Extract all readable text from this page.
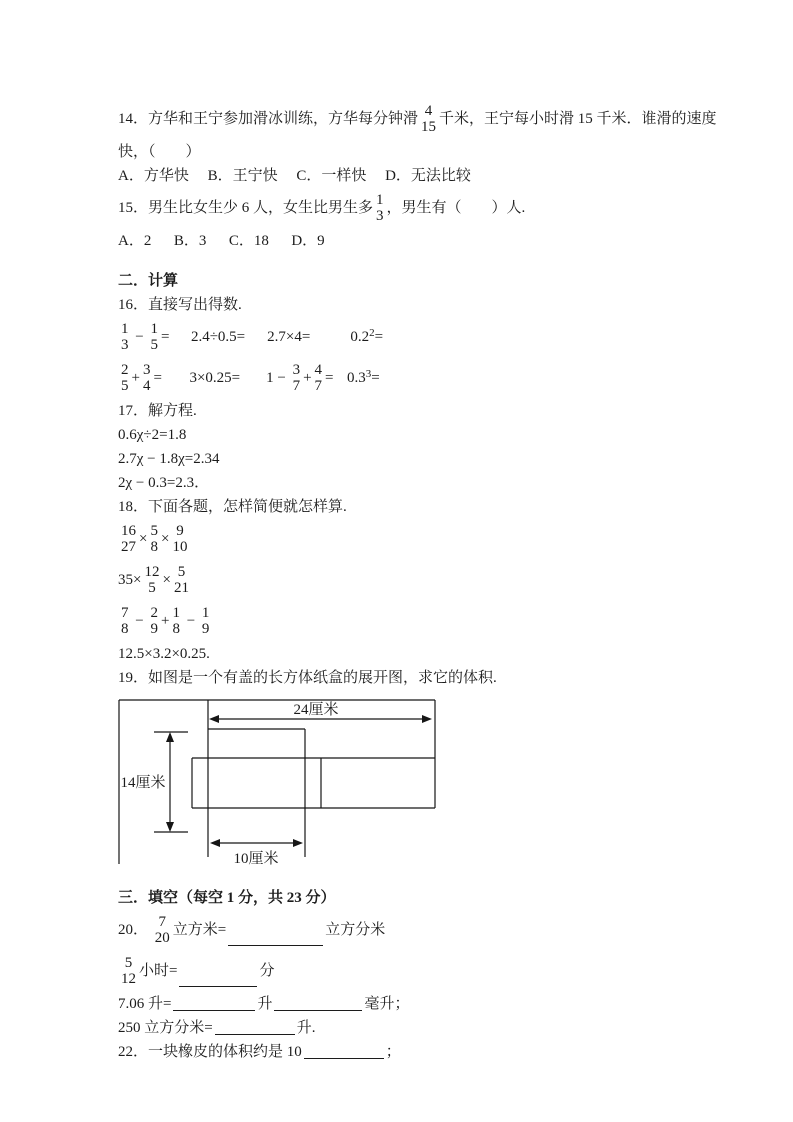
14．方华和王宁参加滑冰训练，方华每分钟滑 4
15 千米，王宁每小时滑 15 千米．谁滑的速度
快，（　　）
A．方华快　 B．王宁快　 C．一样快　 D．无法比较
15．男生比女生少 6 人，女生比男生多 1
3 ，男生有（　　）人.
A．2 　 B．3 　 C．18 　 D．9
二．计算
16．直接写出得数.
1
3 − 1
5 = 2.4÷0.5= 2.7×4=	$0.2^2$ =
2
5 + 3
4 = 3×0.25= 1 − 3
7 + 4
$7 = 0.3^3$ =
17．解方程.
0.6χ÷2=1.8
2.7χ − 1.8χ=2.34
2χ − 0.3=2.3．
18．下面各题，怎样简便就怎样算.
16
27 × 5
8 × 9
10
35× 12
5 × 5
21
7
8 − 2
9 + 1
8 − 1
9
12.5×3.2×0.25.
19．如图是一个有盖的长方体纸盒的展开图，求它的体积.
24厘米
14厘米
10厘米
三．填空（每空 1 分，共 23 分）
20． 7
20 立方米=	立方分米
5
12 小时=	分
7.06 升=	升	毫升；
250 立方分米=	升.
22．一块橡皮的体积约是 10	；
